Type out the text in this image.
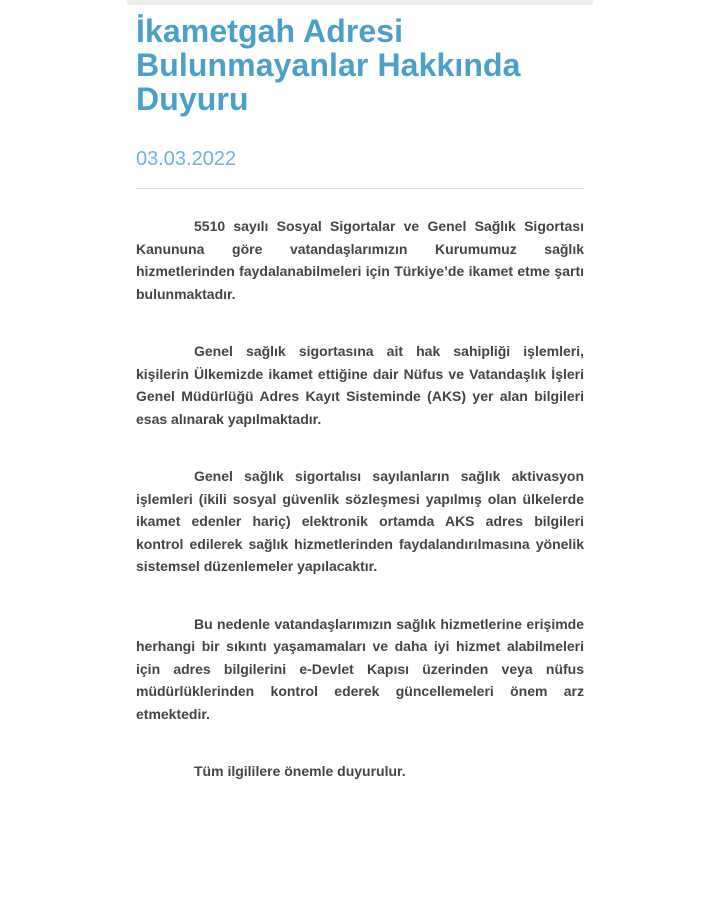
İkametgah Adresi Bulunmayanlar Hakkında Duyuru
03.03.2022

5510 sayılı Sosyal Sigortalar ve Genel Sağlık Sigortası Kanununa göre vatandaşlarımızın Kurumumuz sağlık hizmetlerinden faydalanabilmeleri için Türkiye’de ikamet etme şartı bulunmaktadır.

Genel sağlık sigortasına ait hak sahipliği işlemleri, kişilerin Ülkemizde ikamet ettiğine dair Nüfus ve Vatandaşlık İşleri Genel Müdürlüğü Adres Kayıt Sisteminde (AKS) yer alan bilgileri esas alınarak yapılmaktadır.

Genel sağlık sigortalısı sayılanların sağlık aktivasyon işlemleri (ikili sosyal güvenlik sözleşmesi yapılmış olan ülkelerde ikamet edenler hariç) elektronik ortamda AKS adres bilgileri kontrol edilerek sağlık hizmetlerinden faydalandırılmasına yönelik sistemsel düzenlemeler yapılacaktır.

Bu nedenle vatandaşlarımızın sağlık hizmetlerine erişimde herhangi bir sıkıntı yaşamamaları ve daha iyi hizmet alabilmeleri için adres bilgilerini e-Devlet Kapısı üzerinden veya nüfus müdürlüklerinden kontrol ederek güncellemeleri önem arz etmektedir.

Tüm ilgililere önemle duyurulur.
